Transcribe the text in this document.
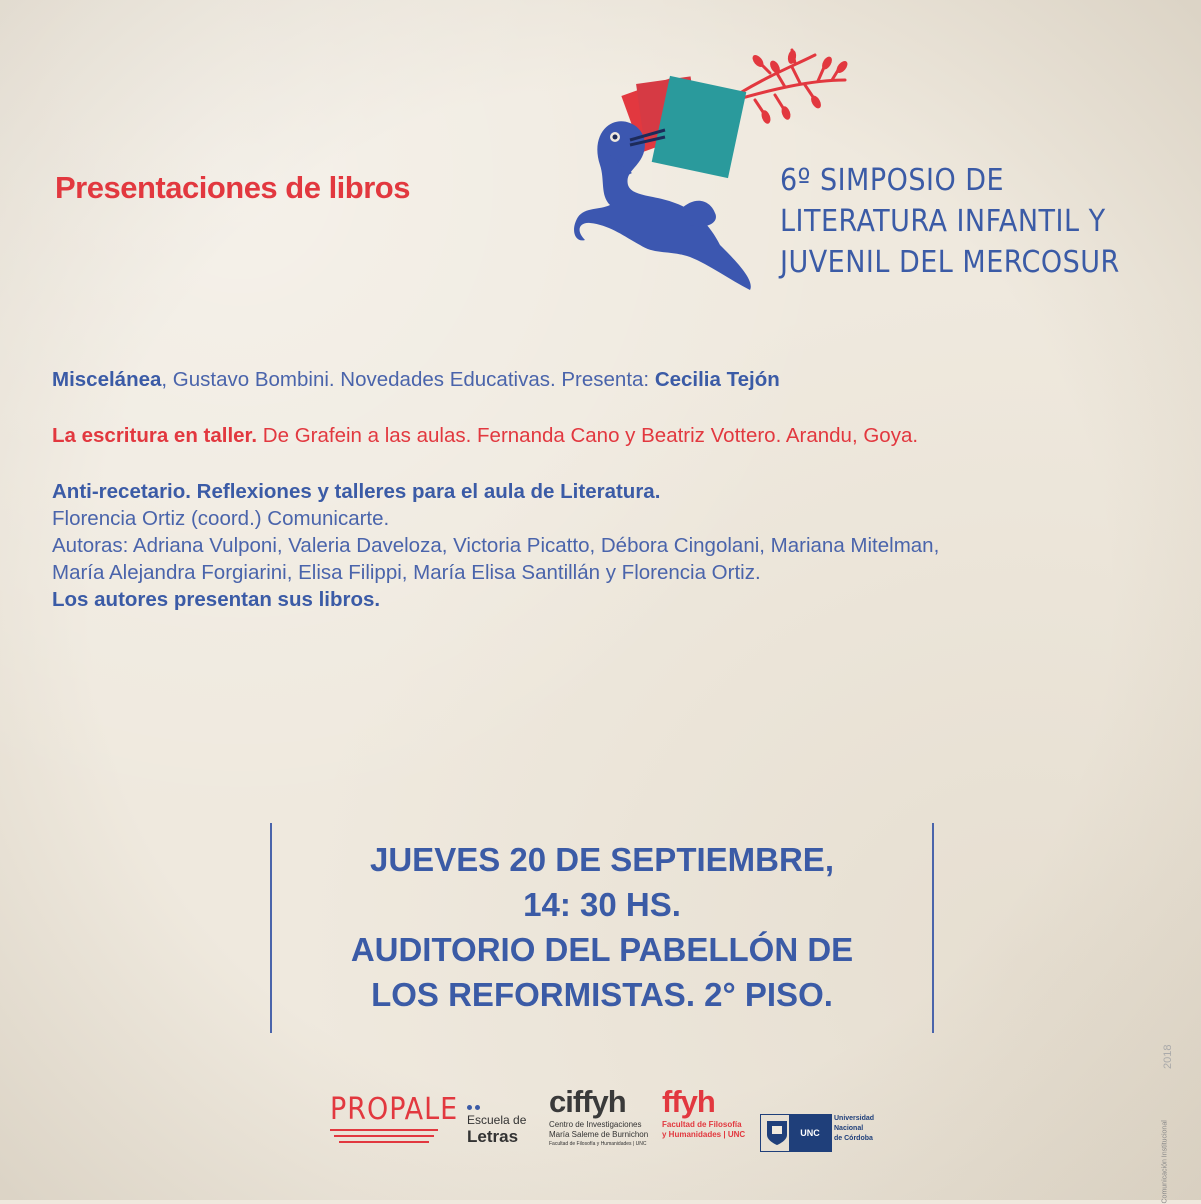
Presentaciones de libros	6º SIMPOSIO DE
LITERATURA INFANTIL Y
JUVENIL DEL MERCOSUR
Miscelánea, Gustavo Bombini. Novedades Educativas. Presenta: Cecilia Tejón
La escritura en taller. De Grafein a las aulas. Fernanda Cano y Beatriz Vottero. Arandu, Goya.
Anti-recetario. Reflexiones y talleres para el aula de Literatura.
Florencia Ortiz (coord.) Comunicarte.
Autoras: Adriana Vulponi, Valeria Daveloza, Victoria Picatto, Débora Cingolani, Mariana Mitelman,
María Alejandra Forgiarini, Elisa Filippi, María Elisa Santillán y Florencia Ortiz.
Los autores presentan sus libros.
JUEVES 20 DE SEPTIEMBRE,
14: 30 HS.
AUDITORIO DEL PABELLÓN DE
LOS REFORMISTAS. 2° PISO.
PROPALE Escuela de
Letras
ciffyh
Centro de Investigaciones
María Saleme de Burnichon
Facultad de Filosofía y Humanidades | UNC
ffyh
Facultad de Filosofía
y Humanidades | UNC	UNC
Universidad
Nacional
de Córdoba	Comunicación Institucional
2018
